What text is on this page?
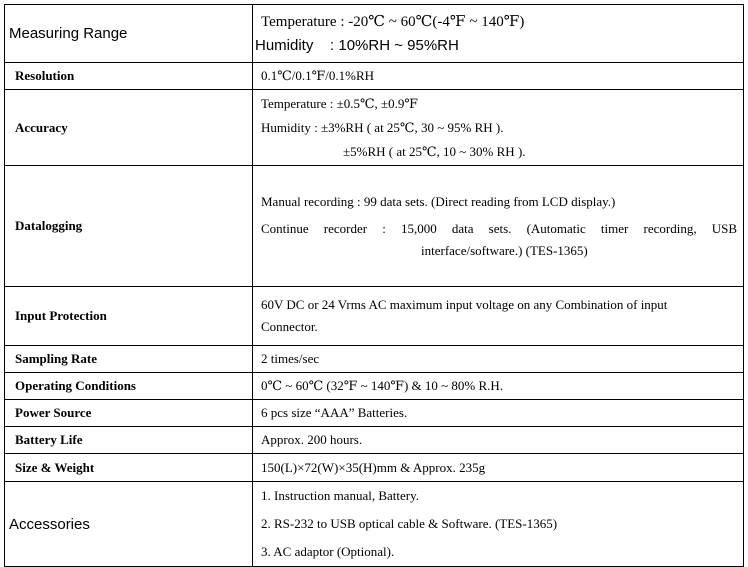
Measuring Range	Temperature : -20℃ ~ 60℃(-4℉ ~ 140℉)
Humidity    : 10%RH ~ 95%RH

Resolution	0.1℃/0.1℉/0.1%RH
Accuracy	Temperature : ±0.5℃, ±0.9℉
Humidity : ±3%RH ( at 25℃, 30 ~ 95% RH ).
±5%RH ( at 25℃, 10 ~ 30% RH ).

Datalogging	Manual recording : 99 data sets. (Direct reading from LCD display.)
Continue recorder : 15,000 data sets. (Automatic timer recording, USB
interface/software.) (TES-1365)

Input Protection	60V DC or 24 Vrms AC maximum input voltage on any Combination of input
Connector.

Sampling Rate	2 times/sec
Operating Conditions	0℃ ~ 60℃ (32℉ ~ 140℉) & 10 ~ 80% R.H.
Power Source	6 pcs size “AAA” Batteries.
Battery Life	Approx. 200 hours.
Size & Weight	150(L)×72(W)×35(H)mm & Approx. 235g
Accessories	1. Instruction manual, Battery.
2. RS-232 to USB optical cable & Software. (TES-1365)
3. AC adaptor (Optional).
